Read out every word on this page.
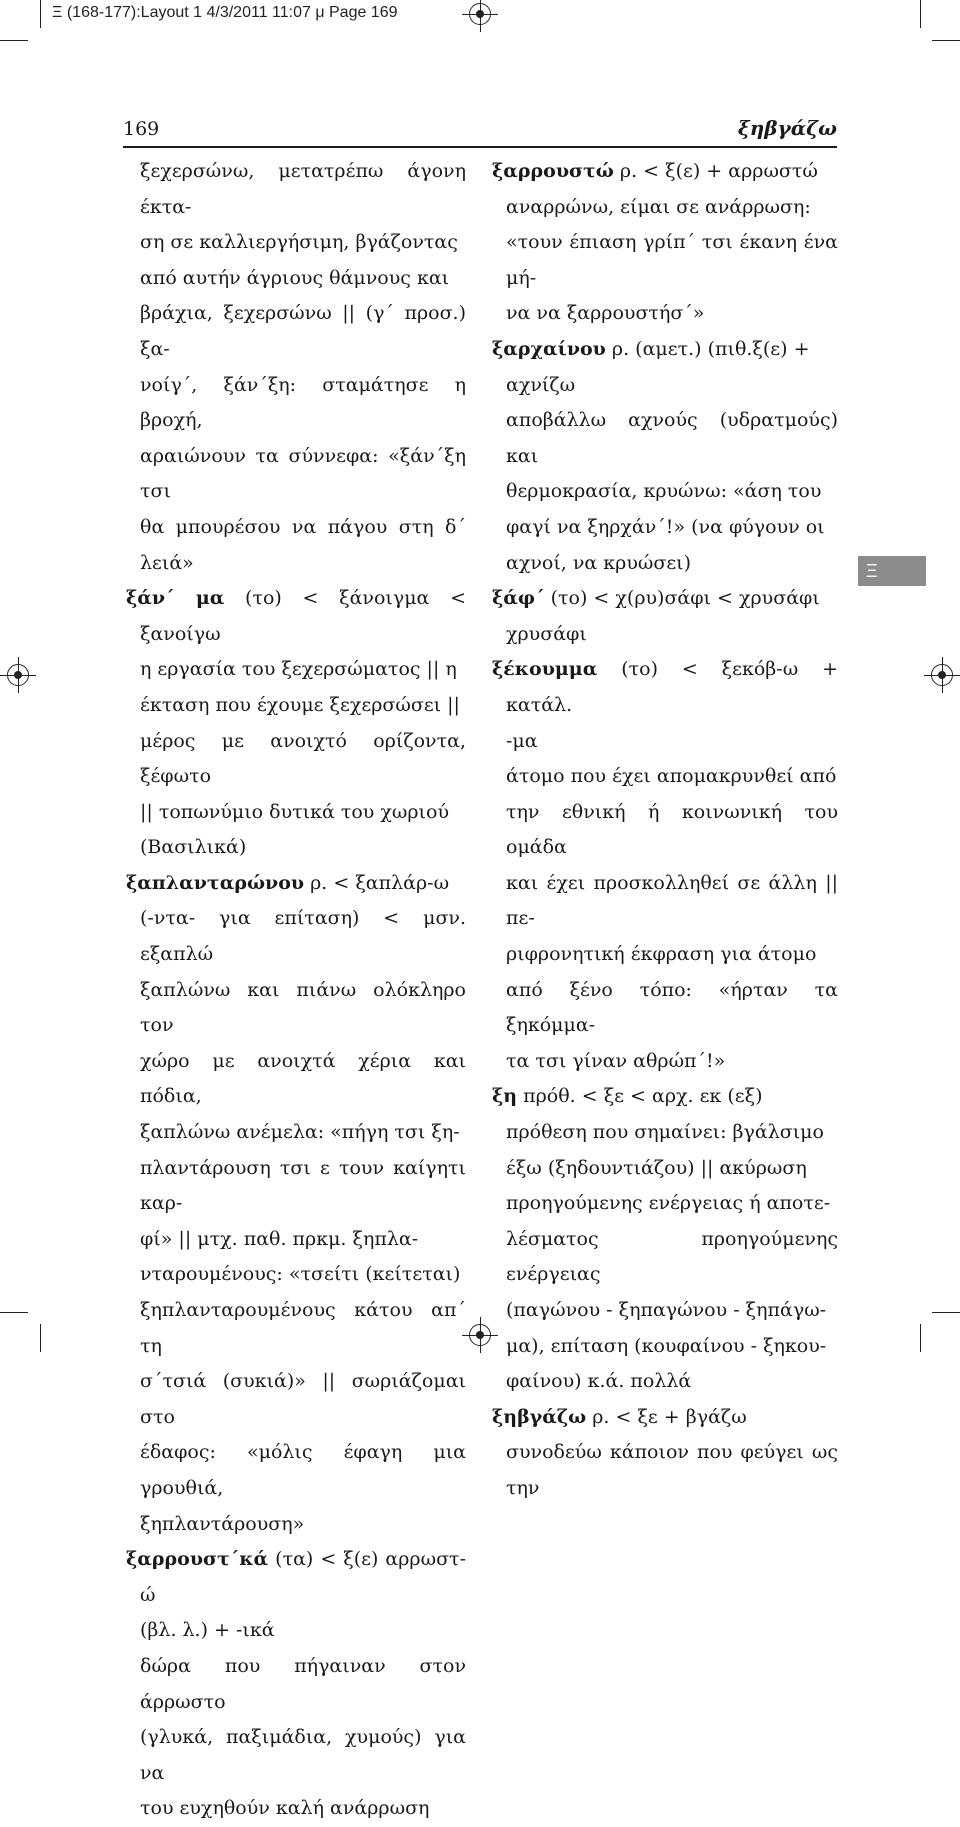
Ξ (168-177):Layout 1 4/3/2011 11:07 μ Page 169
169	ξηβγάζω
ξεχερσώνω, μετατρέπω άγονη έκτα-
ση σε καλλιεργήσιμη, βγάζοντας
από αυτήν άγριους θάμνους και
βράχια, ξεχερσώνω || (γ΄ προσ.) ξα-
νοίγ΄, ξάν΄ξη: σταμάτησε η βροχή,
αραιώνουν τα σύννεφα: «ξάν΄ξη τσι
θα μπουρέσου να πάγου στη δ΄ λειά»
ξάν΄ μα (το) < ξάνοιγμα < ξανοίγω
η εργασία του ξεχερσώματος || η
έκταση που έχουμε ξεχερσώσει ||
μέρος με ανοιχτό ορίζοντα, ξέφωτο
|| τοπωνύμιο δυτικά του χωριού
(Βασιλικά)
ξαπλανταρώνου ρ. < ξαπλάρ-ω
(-ντα- για επίταση) < μσν. εξαπλώ
ξαπλώνω και πιάνω ολόκληρο τον
χώρο με ανοιχτά χέρια και πόδια,
ξαπλώνω ανέμελα: «πήγη τσι ξη-
πλαντάρουση τσι ε τουν καίγητι καρ-
φί» || μτχ. παθ. πρκμ. ξηπλα-
νταρουμένους: «τσείτι (κείτεται)
ξηπλανταρουμένους κάτου απ΄ τη
σ΄τσιά (συκιά)» || σωριάζομαι στο
έδαφος: «μόλις έφαγη μια γρουθιά,
ξηπλαντάρουση»
ξαρρουστ΄κά (τα) < ξ(ε) αρρωστ-ώ
(βλ. λ.) + -ικά
δώρα που πήγαιναν στον άρρωστο
(γλυκά, παξιμάδια, χυμούς) για να
του ευχηθούν καλή ανάρρωση
ξαρρουστώ ρ. < ξ(ε) + αρρωστώ
αναρρώνω, είμαι σε ανάρρωση:
«τουν έπιαση γρίπ΄ τσι έκανη ένα μή-
να να ξαρρουστήσ΄»
ξαρχαίνου ρ. (αμετ.) (πιθ.ξ(ε) +
αχνίζω
αποβάλλω αχνούς (υδρατμούς) και
θερμοκρασία, κρυώνω: «άση του
φαγί να ξηρχάν΄!» (να φύγουν οι
αχνοί, να κρυώσει)
ξάφ΄ (το) < χ(ρυ)σάφι < χρυσάφι
χρυσάφι
ξέκουμμα (το) < ξεκόβ-ω + κατάλ.
-μα
άτομο που έχει απομακρυνθεί από
την εθνική ή κοινωνική του ομάδα
και έχει προσκολληθεί σε άλλη || πε-
ριφρονητική έκφραση για άτομο
από ξένο τόπο: «ήρταν τα ξηκόμμα-
τα τσι γίναν αθρώπ΄!»
ξη πρόθ. < ξε < αρχ. εκ (εξ)
πρόθεση που σημαίνει: βγάλσιμο
έξω (ξηδουντιάζου) || ακύρωση
προηγούμενης ενέργειας ή αποτε-
λέσματος προηγούμενης ενέργειας
(παγώνου - ξηπαγώνου - ξηπάγω-
μα), επίταση (κουφαίνου - ξηκου-
φαίνου) κ.ά. πολλά
ξηβγάζω ρ. < ξε + βγάζω
συνοδεύω κάποιον που φεύγει ως την
Ξ
